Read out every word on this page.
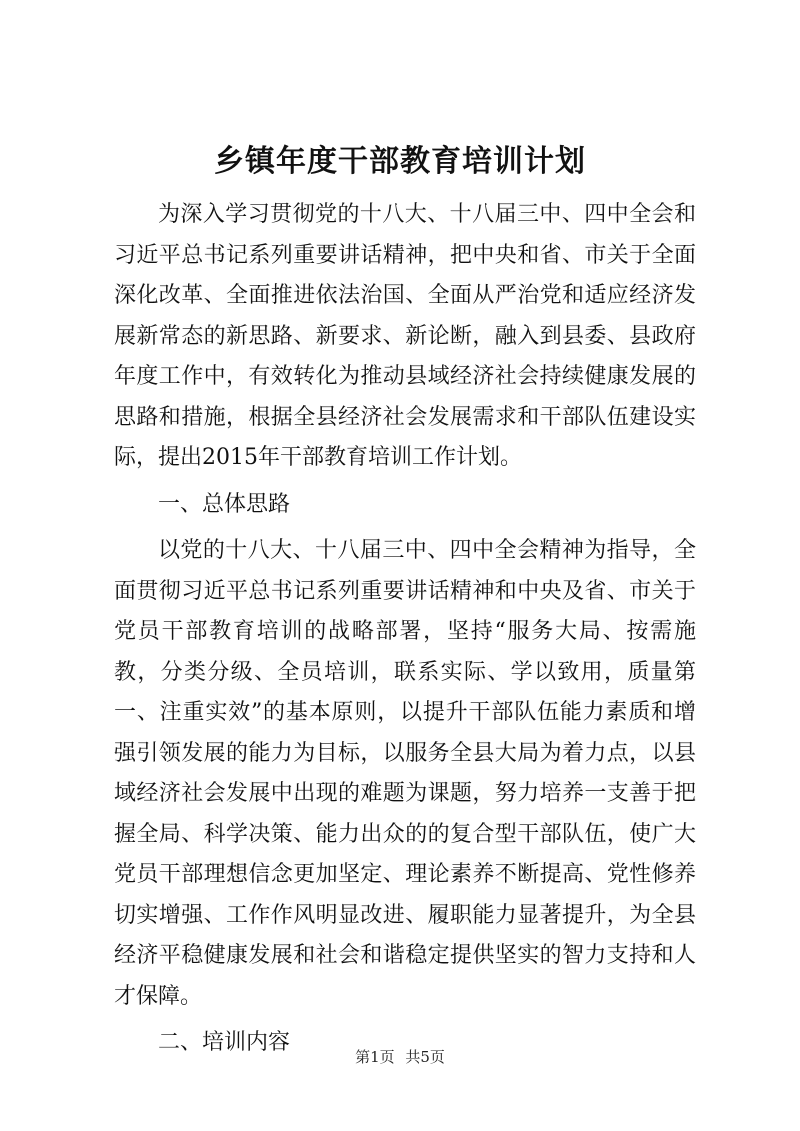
乡镇年度干部教育培训计划

为深入学习贯彻党的十八大、十八届三中、四中全会和习近平总书记系列重要讲话精神，把中央和省、市关于全面深化改革、全面推进依法治国、全面从严治党和适应经济发展新常态的新思路、新要求、新论断，融入到县委、县政府年度工作中，有效转化为推动县域经济社会持续健康发展的思路和措施，根据全县经济社会发展需求和干部队伍建设实际，提出2015年干部教育培训工作计划。

一、总体思路

以党的十八大、十八届三中、四中全会精神为指导，全面贯彻习近平总书记系列重要讲话精神和中央及省、市关于党员干部教育培训的战略部署，坚持“服务大局、按需施教，分类分级、全员培训，联系实际、学以致用，质量第一、注重实效”的基本原则，以提升干部队伍能力素质和增强引领发展的能力为目标，以服务全县大局为着力点，以县域经济社会发展中出现的难题为课题，努力培养一支善于把握全局、科学决策、能力出众的的复合型干部队伍，使广大党员干部理想信念更加坚定、理论素养不断提高、党性修养切实增强、工作作风明显改进、履职能力显著提升，为全县经济平稳健康发展和社会和谐稳定提供坚实的智力支持和人才保障。

二、培训内容

第1页 共5页
